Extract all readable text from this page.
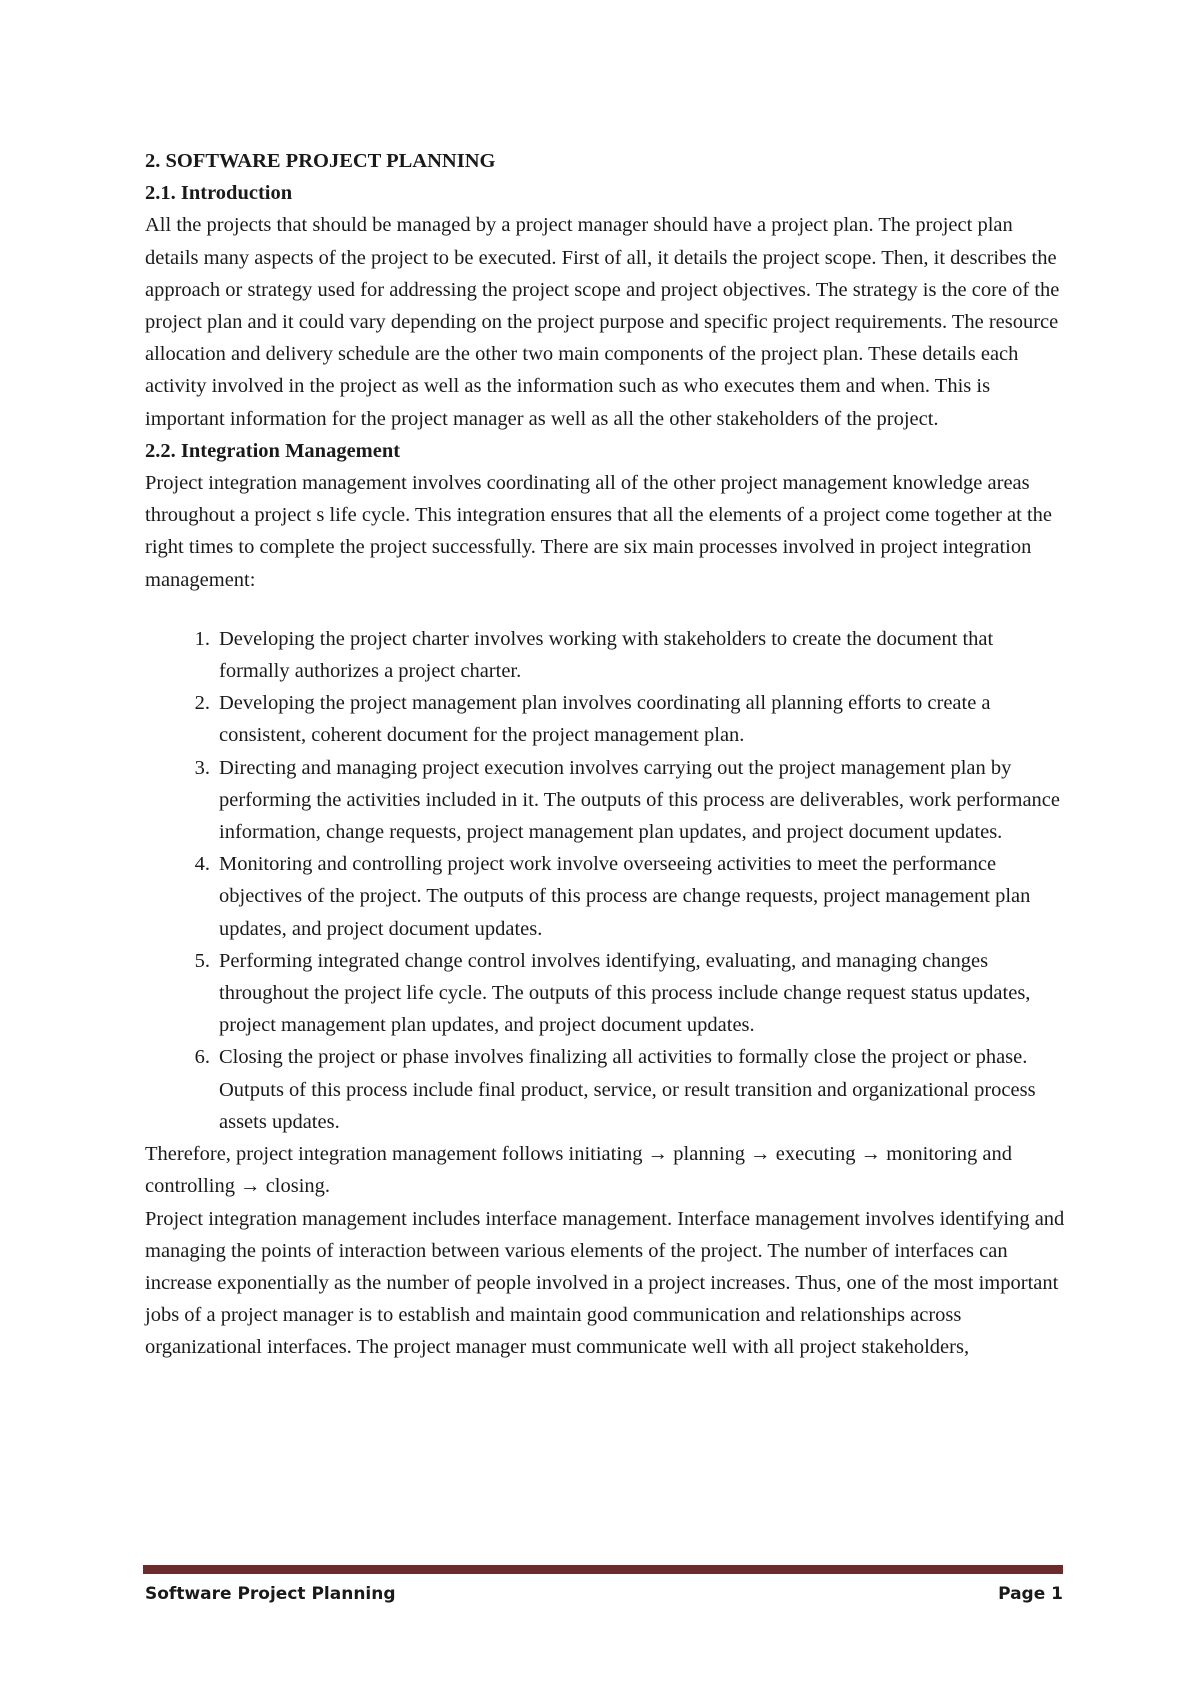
2. SOFTWARE PROJECT PLANNING
2.1. Introduction

All the projects that should be managed by a project manager should have a project plan. The project plan details many aspects of the project to be executed. First of all, it details the project scope. Then, it describes the approach or strategy used for addressing the project scope and project objectives. The strategy is the core of the project plan and it could vary depending on the project purpose and specific project requirements. The resource allocation and delivery schedule are the other two main components of the project plan. These details each activity involved in the project as well as the information such as who executes them and when. This is important information for the project manager as well as all the other stakeholders of the project.

2.2. Integration Management

Project integration management involves coordinating all of the other project management knowledge areas throughout a project s life cycle. This integration ensures that all the elements of a project come together at the right times to complete the project successfully. There are six main processes involved in project integration management:

1. Developing the project charter involves working with stakeholders to create the document that formally authorizes a project charter.
2. Developing the project management plan involves coordinating all planning efforts to create a consistent, coherent document for the project management plan.
3. Directing and managing project execution involves carrying out the project management plan by performing the activities included in it. The outputs of this process are deliverables, work performance information, change requests, project management plan updates, and project document updates.
4. Monitoring and controlling project work involve overseeing activities to meet the performance objectives of the project. The outputs of this process are change requests, project management plan updates, and project document updates.
5. Performing integrated change control involves identifying, evaluating, and managing changes throughout the project life cycle. The outputs of this process include change request status updates, project management plan updates, and project document updates.
6. Closing the project or phase involves finalizing all activities to formally close the project or phase. Outputs of this process include final product, service, or result transition and organizational process assets updates.

Therefore, project integration management follows initiating → planning → executing → monitoring and controlling → closing.

Project integration management includes interface management. Interface management involves identifying and managing the points of interaction between various elements of the project. The number of interfaces can increase exponentially as the number of people involved in a project increases. Thus, one of the most important jobs of a project manager is to establish and maintain good communication and relationships across organizational interfaces. The project manager must communicate well with all project stakeholders,

Software Project Planning	Page 1
